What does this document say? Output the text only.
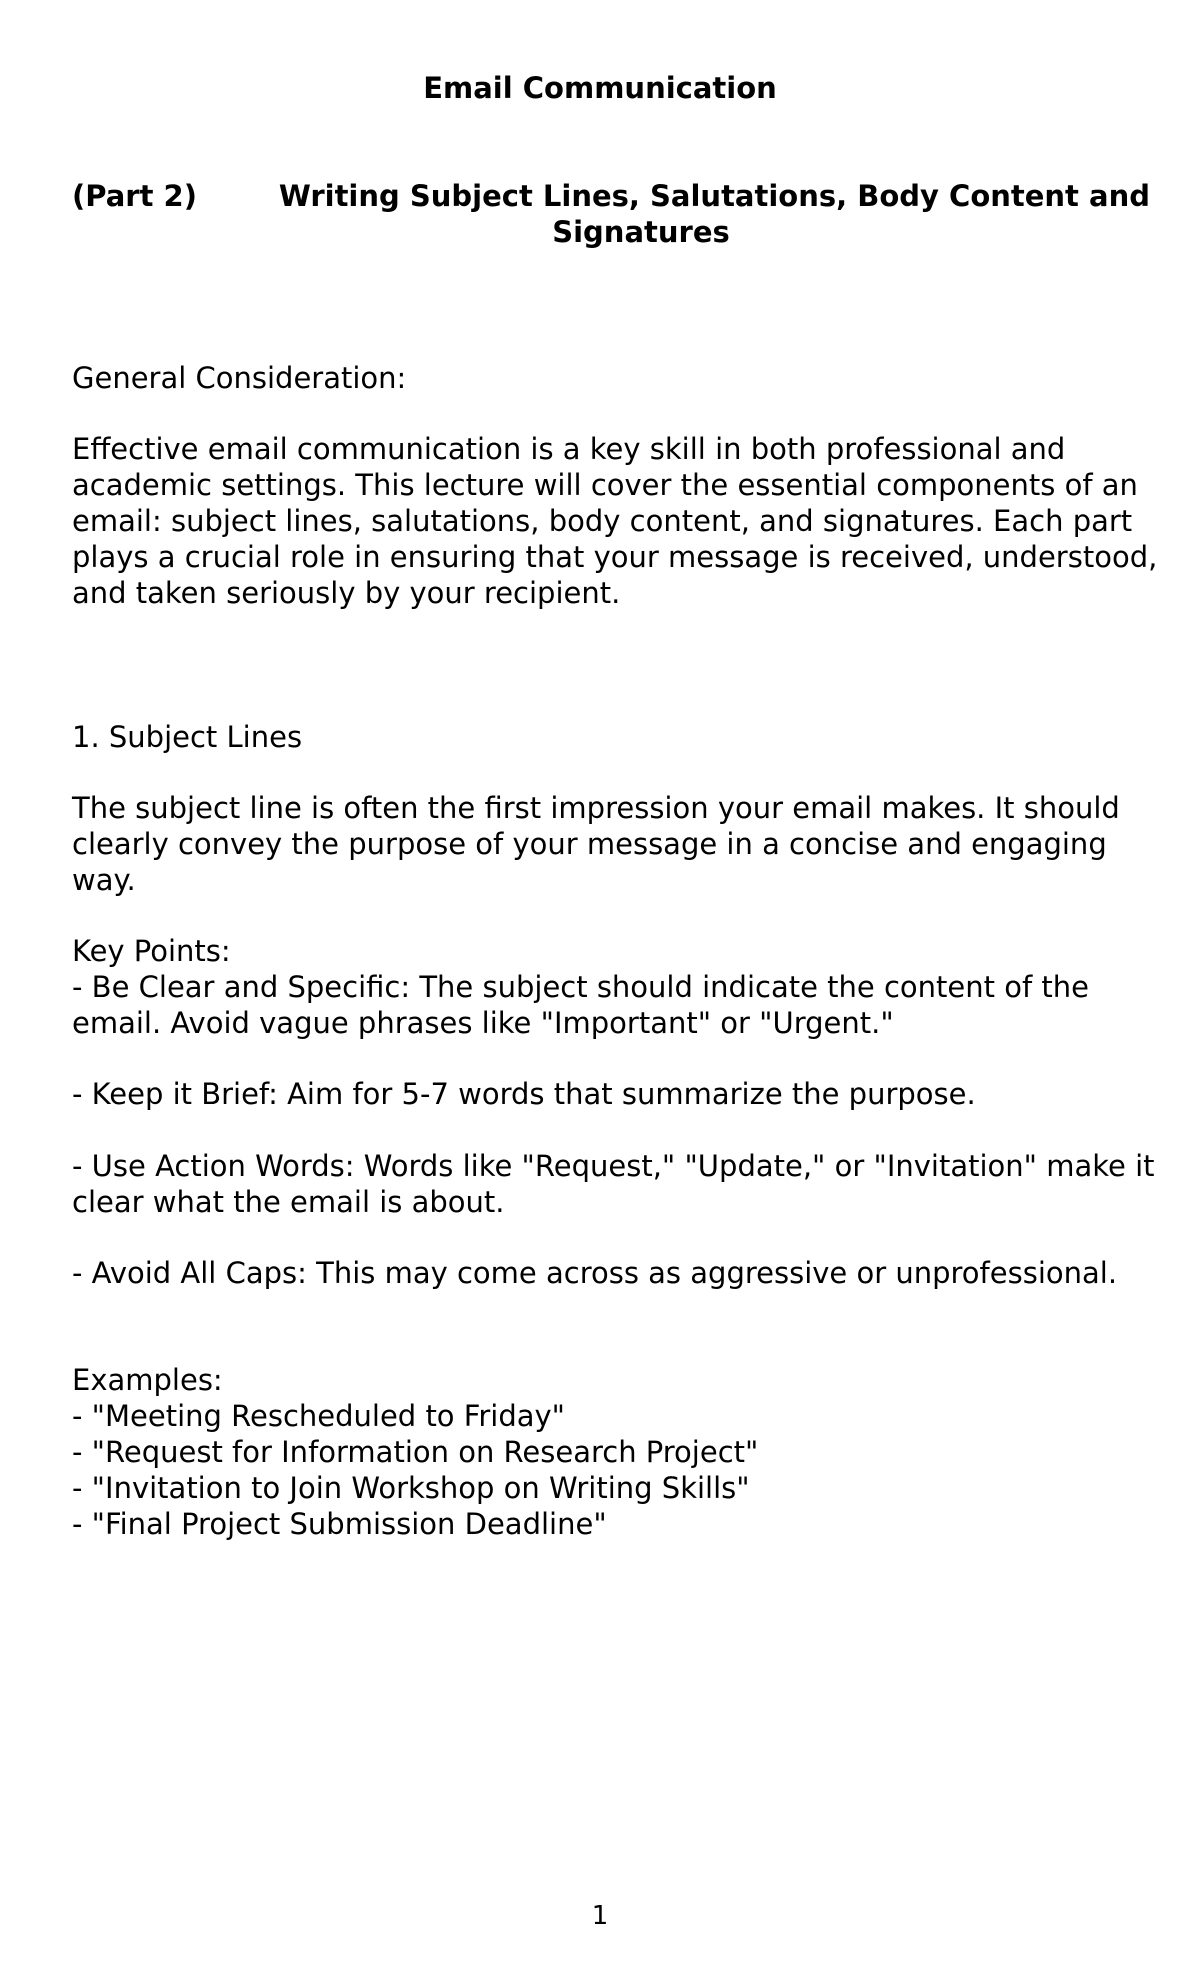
Email Communication
(Part 2)	Writing Subject Lines, Salutations, Body Content and
Signatures

General Consideration:

Effective email communication is a key skill in both professional and academic settings. This lecture will cover the essential components of an email: subject lines, salutations, body content, and signatures. Each part plays a crucial role in ensuring that your message is received, understood, and taken seriously by your recipient.

1. Subject Lines

The subject line is often the first impression your email makes. It should clearly convey the purpose of your message in a concise and engaging way.

Key Points:

- Be Clear and Specific: The subject should indicate the content of the email. Avoid vague phrases like "Important" or "Urgent."

- Keep it Brief: Aim for 5-7 words that summarize the purpose.

- Use Action Words: Words like "Request," "Update," or "Invitation" make it clear what the email is about.

- Avoid All Caps: This may come across as aggressive or unprofessional.

Examples:

- "Meeting Rescheduled to Friday"

- "Request for Information on Research Project"

- "Invitation to Join Workshop on Writing Skills"

- "Final Project Submission Deadline"

1
